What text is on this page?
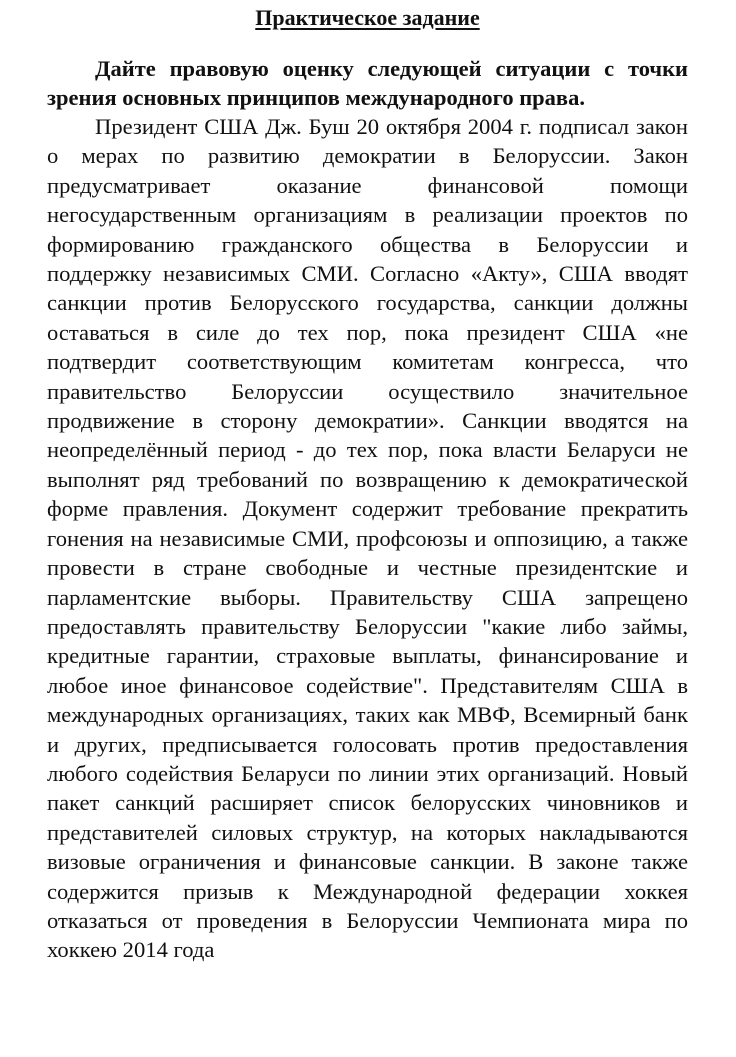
Практическое задание

Дайте правовую оценку следующей ситуации с точки зрения основных принципов международного права.

Президент США Дж. Буш 20 октября 2004 г. подписал закон о мерах по развитию демократии в Белоруссии. Закон предусматривает оказание финансовой помощи негосударственным организациям в реализации проектов по формированию гражданского общества в Белоруссии и поддержку независимых СМИ. Согласно «Акту», США вводят санкции против Белорусского государства, санкции должны оставаться в силе до тех пор, пока президент США «не подтвердит соответствующим комитетам конгресса, что правительство Белоруссии осуществило значительное продвижение в сторону демократии». Санкции вводятся на неопределённый период - до тех пор, пока власти Беларуси не выполнят ряд требований по возвращению к демократической форме правления. Документ содержит требование прекратить гонения на независимые СМИ, профсоюзы и оппозицию, а также провести в стране свободные и честные президентские и парламентские выборы. Правительству США запрещено предоставлять правительству Белоруссии "какие либо займы, кредитные гарантии, страховые выплаты, финансирование и любое иное финансовое содействие". Представителям США в международных организациях, таких как МВФ, Всемирный банк и других, предписывается голосовать против предоставления любого содействия Беларуси по линии этих организаций. Новый пакет санкций расширяет список белорусских чиновников и представителей силовых структур, на которых накладываются визовые ограничения и финансовые санкции. В законе также содержится призыв к Международной федерации хоккея отказаться от проведения в Белоруссии Чемпионата мира по хоккею 2014 года
